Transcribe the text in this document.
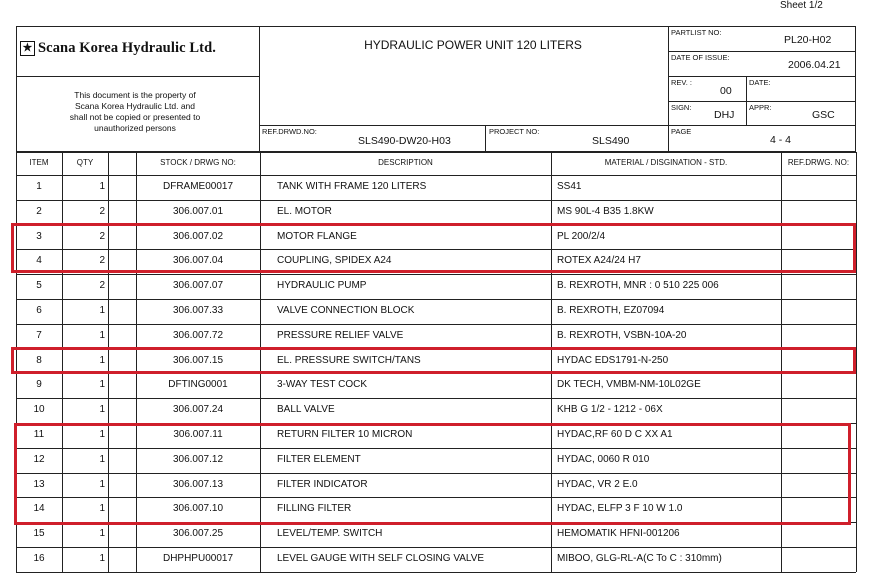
Sheet 1/2
★ Scana Korea Hydraulic Ltd.
This document is the property of
Scana Korea Hydraulic Ltd. and
shall not be copied or presented to
unauthorized persons
HYDRAULIC POWER UNIT 120 LITERS
REF.DRWD.NO:
SLS490-DW20-H03
PROJECT NO:
SLS490
PARTLIST NO:
PL20-H02
DATE OF ISSUE:
2006.04.21
REV. :
00
DATE:
SIGN:
DHJ
APPR:
GSC
PAGE
4 - 4
ITEM	QTY	STOCK / DRWG NO:	DESCRIPTION	MATERIAL / DISGINATION - STD.	REF.DRWG. NO:
1	1	DFRAME00017	TANK WITH FRAME 120 LITERS	SS41
2	2	306.007.01	EL. MOTOR	MS 90L-4 B35 1.8KW
3	2	306.007.02	MOTOR FLANGE	PL 200/2/4
4	2	306.007.04	COUPLING, SPIDEX A24	ROTEX A24/24 H7
5	2	306.007.07	HYDRAULIC PUMP	B. REXROTH, MNR : 0 510 225 006
6	1	306.007.33	VALVE CONNECTION BLOCK	B. REXROTH, EZ07094
7	1	306.007.72	PRESSURE RELIEF VALVE	B. REXROTH, VSBN-10A-20
8	1	306.007.15	EL. PRESSURE SWITCH/TANS	HYDAC EDS1791-N-250
9	1	DFTING0001	3-WAY TEST COCK	DK TECH, VMBM-NM-10L02GE
10	1	306.007.24	BALL VALVE	KHB G 1/2 - 1212 - 06X
11	1	306.007.11	RETURN FILTER 10 MICRON	HYDAC,RF 60 D C XX A1
12	1	306.007.12	FILTER ELEMENT	HYDAC, 0060 R 010
13	1	306.007.13	FILTER INDICATOR	HYDAC, VR 2 E.0
14	1	306.007.10	FILLING FILTER	HYDAC, ELFP 3 F 10 W 1.0
15	1	306.007.25	LEVEL/TEMP. SWITCH	HEMOMATIK HFNI-001206
16	1	DHPHPU00017	LEVEL GAUGE WITH SELF CLOSING VALVE	MIBOO, GLG-RL-A(C To C : 310mm)
